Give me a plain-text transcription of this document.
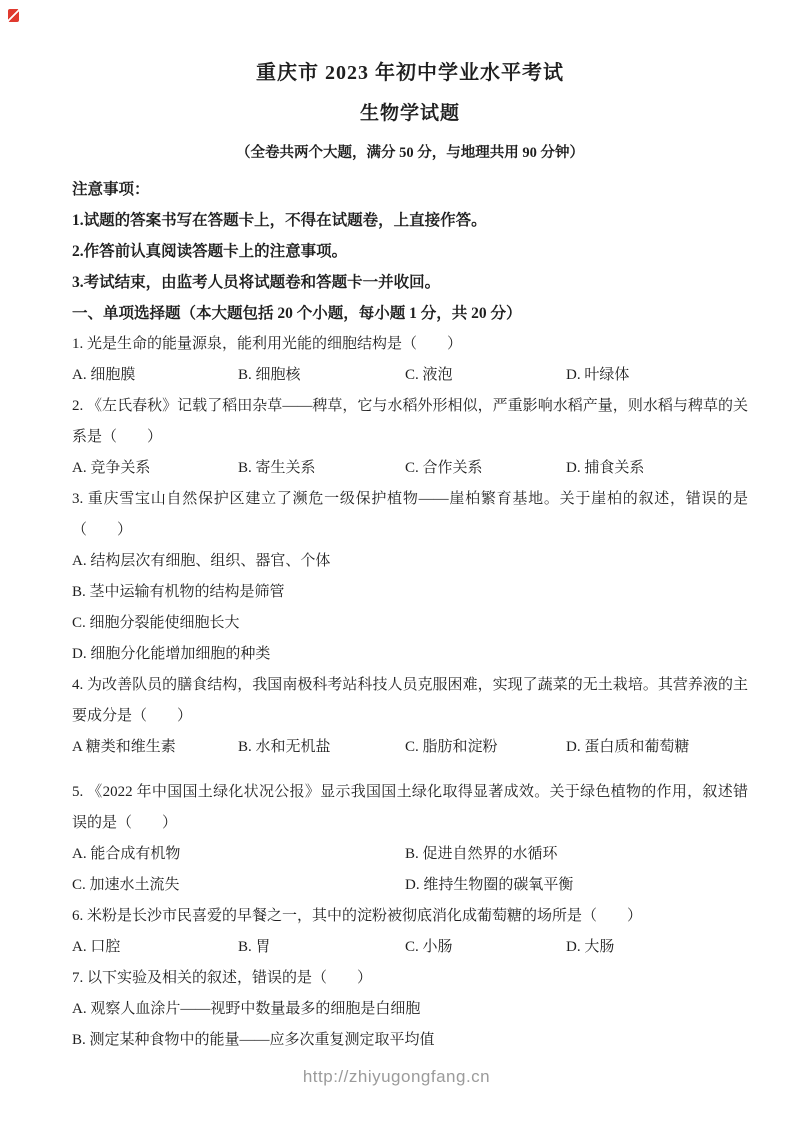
重庆市 2023 年初中学业水平考试
生物学试题
（全卷共两个大题，满分 50 分，与地理共用 90 分钟）
注意事项：
1.试题的答案书写在答题卡上，不得在试题卷，上直接作答。
2.作答前认真阅读答题卡上的注意事项。
3.考试结束，由监考人员将试题卷和答题卡一并收回。
一、单项选择题（本大题包括 20 个小题，每小题 1 分，共 20 分）
1. 光是生命的能量源泉，能利用光能的细胞结构是（　　）
A. 细胞膜	B. 细胞核	C. 液泡	D. 叶绿体
2. 《左氏春秋》记载了稻田杂草——稗草，它与水稻外形相似，严重影响水稻产量，则水稻与稗草的关系是（　　）
A. 竞争关系	B. 寄生关系	C. 合作关系	D. 捕食关系
3. 重庆雪宝山自然保护区建立了濒危一级保护植物——崖柏繁育基地。关于崖柏的叙述，错误的是（　　）
A. 结构层次有细胞、组织、器官、个体
B. 茎中运输有机物的结构是筛管
C. 细胞分裂能使细胞长大
D. 细胞分化能增加细胞的种类
4. 为改善队员的膳食结构，我国南极科考站科技人员克服困难，实现了蔬菜的无土栽培。其营养液的主要成分是（　　）
A 糖类和维生素	B. 水和无机盐	C. 脂肪和淀粉	D. 蛋白质和葡萄糖
5. 《2022 年中国国土绿化状况公报》显示我国国土绿化取得显著成效。关于绿色植物的作用，叙述错误的是（　　）
A. 能合成有机物	B. 促进自然界的水循环
C. 加速水土流失	D. 维持生物圈的碳氧平衡
6. 米粉是长沙市民喜爱的早餐之一，其中的淀粉被彻底消化成葡萄糖的场所是（　　）
A. 口腔	B. 胃	C. 小肠	D. 大肠
7. 以下实验及相关的叙述，错误的是（　　）
A. 观察人血涂片——视野中数量最多的细胞是白细胞
B. 测定某种食物中的能量——应多次重复测定取平均值
http://zhiyugongfang.cn
